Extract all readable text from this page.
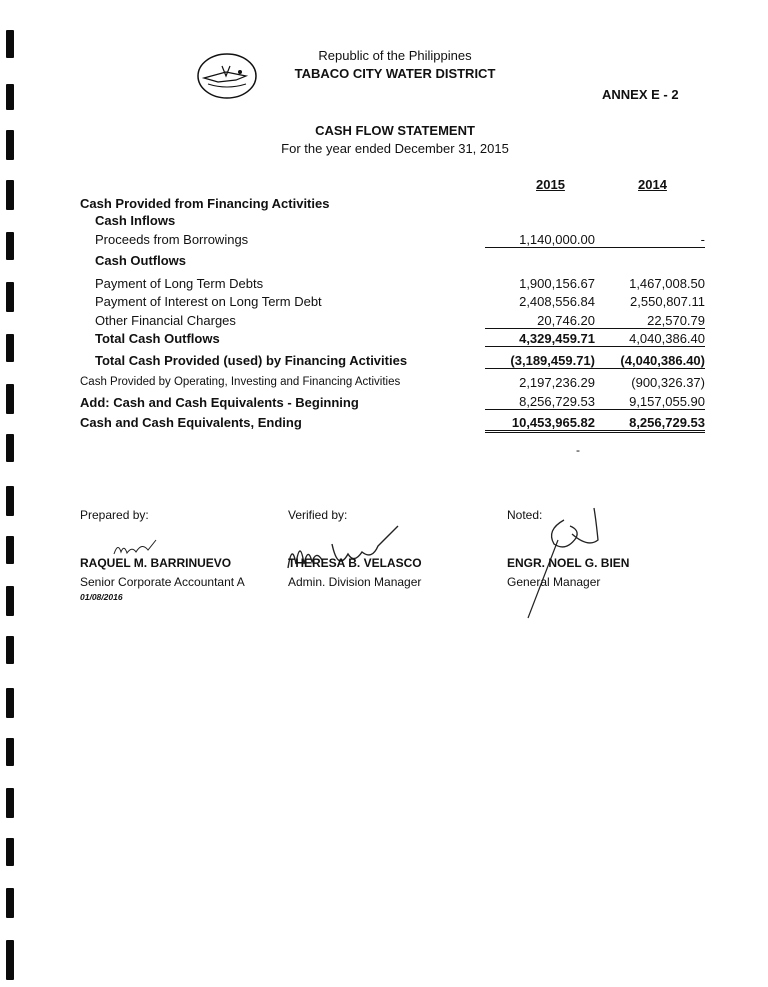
Republic of the Philippines
TABACO CITY WATER DISTRICT
ANNEX E - 2
CASH FLOW STATEMENT
For the year ended December 31, 2015
2015	2014
Cash Provided from Financing Activities
Cash Inflows
Proceeds from Borrowings
Cash Outflows
Payment of Long Term Debts
Payment of Interest on Long Term Debt
Other Financial Charges
Total Cash Outflows
Total Cash Provided (used) by Financing Activities
Cash Provided by Operating, Investing and Financing Activities
Add: Cash and Cash Equivalents - Beginning
Cash and Cash Equivalents, Ending
1,140,000.00
1,900,156.67
2,408,556.84
20,746.20
4,329,459.71
(3,189,459.71)
2,197,236.29
8,256,729.53
10,453,965.82
-
1,467,008.50
2,550,807.11
22,570.79
4,040,386.40
(4,040,386.40)
(900,326.37)
9,157,055.90
8,256,729.53
-
Prepared by:
RAQUEL M. BARRINUEVO
Senior Corporate Accountant A
01/08/2016
Verified by:
THERESA B. VELASCO
Admin. Division Manager
Noted:
ENGR. NOEL G. BIEN
General Manager
